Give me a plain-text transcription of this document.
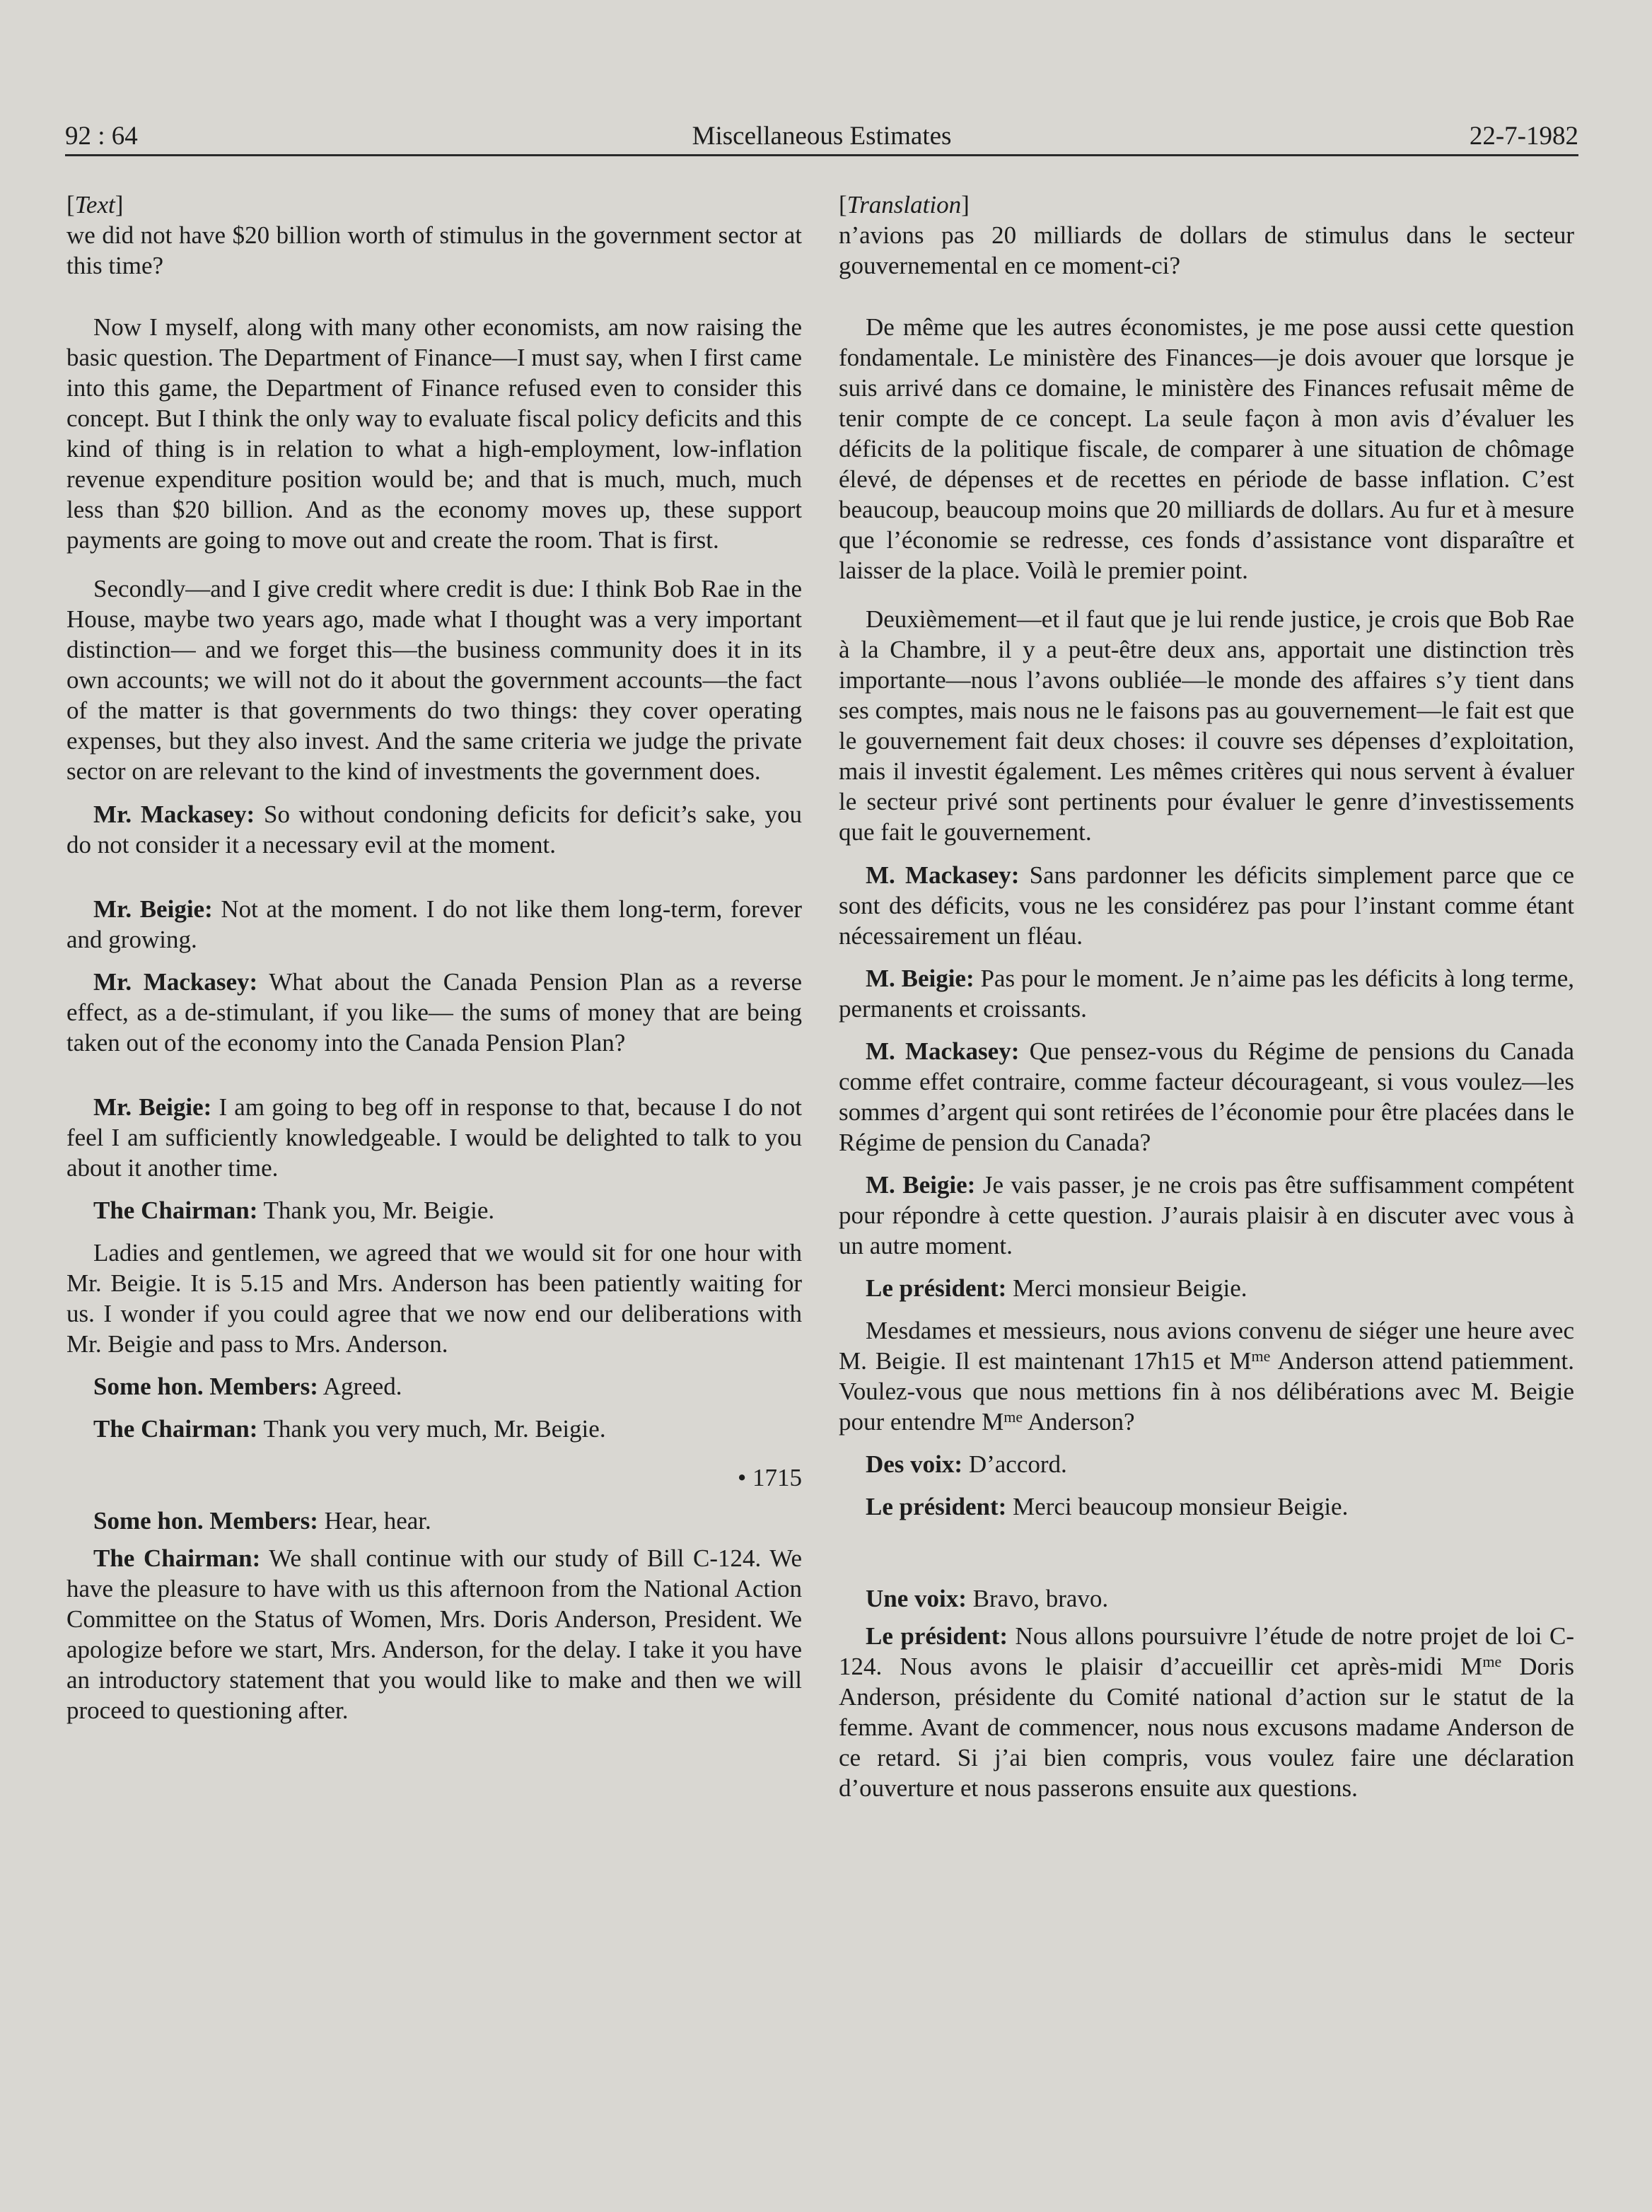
92 : 64	Miscellaneous Estimates	22-7-1982

[Text]

we did not have $20 billion worth of stimulus in the government sector at this time?

Now I myself, along with many other economists, am now raising the basic question. The Department of Finance—I must say, when I first came into this game, the Department of Finance refused even to consider this concept. But I think the only way to evaluate fiscal policy deficits and this kind of thing is in relation to what a high-employment, low-inflation revenue expenditure position would be; and that is much, much, much less than $20 billion. And as the economy moves up, these support payments are going to move out and create the room. That is first.

Secondly—and I give credit where credit is due: I think Bob Rae in the House, maybe two years ago, made what I thought was a very important distinction— and we forget this—the business community does it in its own accounts; we will not do it about the government accounts—the fact of the matter is that governments do two things: they cover operating expenses, but they also invest. And the same criteria we judge the private sector on are relevant to the kind of investments the government does.

Mr. Mackasey: So without condoning deficits for deficit’s sake, you do not consider it a necessary evil at the moment.

Mr. Beigie: Not at the moment. I do not like them long-term, forever and growing.

Mr. Mackasey: What about the Canada Pension Plan as a reverse effect, as a de-stimulant, if you like— the sums of money that are being taken out of the economy into the Canada Pension Plan?

Mr. Beigie: I am going to beg off in response to that, because I do not feel I am sufficiently knowledgeable. I would be delighted to talk to you about it another time.

The Chairman: Thank you, Mr. Beigie.

Ladies and gentlemen, we agreed that we would sit for one hour with Mr. Beigie. It is 5.15 and Mrs. Anderson has been patiently waiting for us. I wonder if you could agree that we now end our deliberations with Mr. Beigie and pass to Mrs. Anderson.

Some hon. Members: Agreed.

The Chairman: Thank you very much, Mr. Beigie.

• 1715

Some hon. Members: Hear, hear.

The Chairman: We shall continue with our study of Bill C-124. We have the pleasure to have with us this afternoon from the National Action Committee on the Status of Women, Mrs. Doris Anderson, President. We apologize before we start, Mrs. Anderson, for the delay. I take it you have an introductory statement that you would like to make and then we will proceed to questioning after.

[Translation]

n’avions pas 20 milliards de dollars de stimulus dans le secteur gouvernemental en ce moment-ci?

De même que les autres économistes, je me pose aussi cette question fondamentale. Le ministère des Finances—je dois avouer que lorsque je suis arrivé dans ce domaine, le ministère des Finances refusait même de tenir compte de ce concept. La seule façon à mon avis d’évaluer les déficits de la politique fiscale, de comparer à une situation de chômage élevé, de dépenses et de recettes en période de basse inflation. C’est beaucoup, beaucoup moins que 20 milliards de dollars. Au fur et à mesure que l’économie se redresse, ces fonds d’assistance vont disparaître et laisser de la place. Voilà le premier point.

Deuxièmement—et il faut que je lui rende justice, je crois que Bob Rae à la Chambre, il y a peut-être deux ans, apportait une distinction très importante—nous l’avons oubliée—le monde des affaires s’y tient dans ses comptes, mais nous ne le faisons pas au gouvernement—le fait est que le gouvernement fait deux choses: il couvre ses dépenses d’exploitation, mais il investit également. Les mêmes critères qui nous servent à évaluer le secteur privé sont pertinents pour évaluer le genre d’investissements que fait le gouvernement.

M. Mackasey: Sans pardonner les déficits simplement parce que ce sont des déficits, vous ne les considérez pas pour l’instant comme étant nécessairement un fléau.

M. Beigie: Pas pour le moment. Je n’aime pas les déficits à long terme, permanents et croissants.

M. Mackasey: Que pensez-vous du Régime de pensions du Canada comme effet contraire, comme facteur décourageant, si vous voulez—les sommes d’argent qui sont retirées de l’économie pour être placées dans le Régime de pension du Canada?

M. Beigie: Je vais passer, je ne crois pas être suffisamment compétent pour répondre à cette question. J’aurais plaisir à en discuter avec vous à un autre moment.

Le président: Merci monsieur Beigie.

Mesdames et messieurs, nous avions convenu de siéger une heure avec M. Beigie. Il est maintenant 17h15 et $M^{me}$ Anderson attend patiemment. Voulez-vous que nous mettions fin à nos délibérations avec M. Beigie pour entendre $M^{me}$ Anderson?

Des voix: D’accord.

Le président: Merci beaucoup monsieur Beigie.

Une voix: Bravo, bravo.

Le président: Nous allons poursuivre l’étude de notre projet de loi C-124. Nous avons le plaisir d’accueillir cet après-midi $M^{me}$ Doris Anderson, présidente du Comité national d’action sur le statut de la femme. Avant de commencer, nous nous excusons madame Anderson de ce retard. Si j’ai bien compris, vous voulez faire une déclaration d’ouverture et nous passerons ensuite aux questions.
